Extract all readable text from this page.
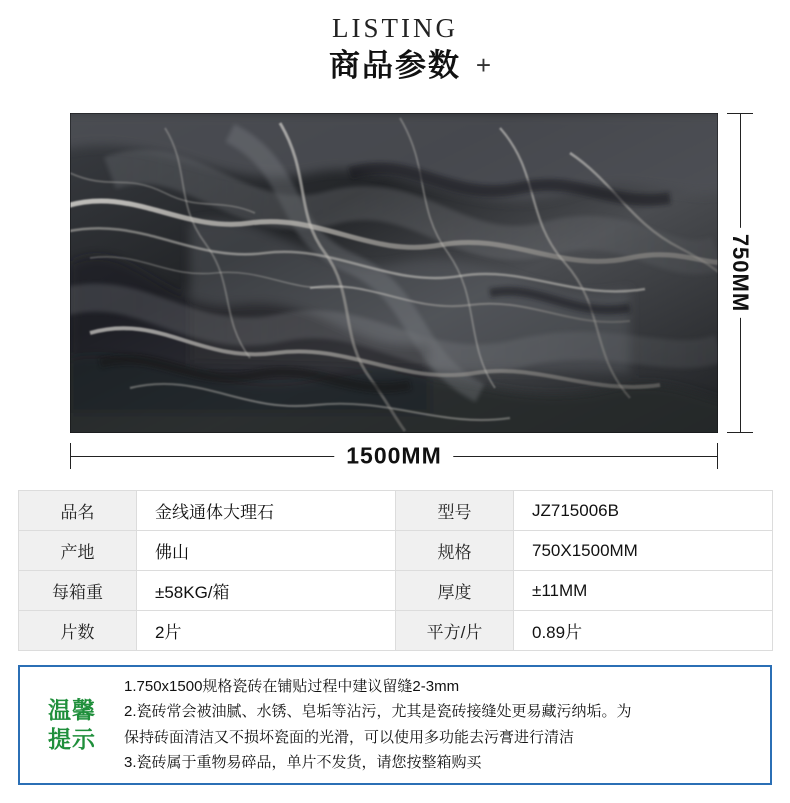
LISTING
商品参数 +
750MM
1500MM
品名	金线通体大理石	型号	JZ715006B
产地	佛山	规格	750X1500MM
每箱重	±58KG/箱	厚度	±11MM
片数	2片	平方/片	0.89片
温馨
提示

1.750x1500规格瓷砖在铺贴过程中建议留缝2-3mm

2.瓷砖常会被油腻、水锈、皂垢等沾污，尤其是瓷砖接缝处更易藏污纳垢。为

保持砖面清洁又不损坏瓷面的光滑，可以使用多功能去污膏进行清洁

3.瓷砖属于重物易碎品，单片不发货，请您按整箱购买
